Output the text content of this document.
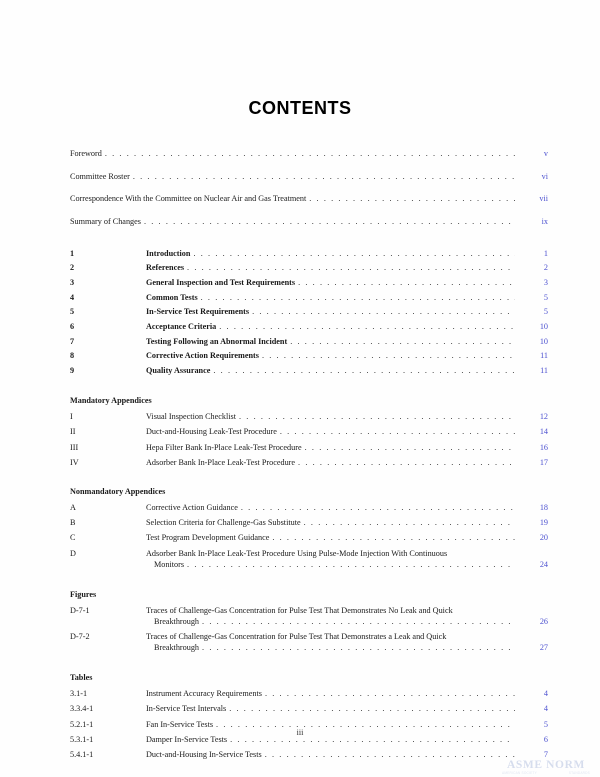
CONTENTS
Foreword . . .	v
Committee Roster . . .	vi
Correspondence With the Committee on Nuclear Air and Gas Treatment . . .	vii
Summary of Changes . . .	ix
1	Introduction . . .	1
2	References . . .	2
3	General Inspection and Test Requirements . . .	3
4	Common Tests . . .	5
5	In-Service Test Requirements . . .	5
6	Acceptance Criteria . . .	10
7	Testing Following an Abnormal Incident . . .	10
8	Corrective Action Requirements . . .	11
9	Quality Assurance . . .	11
Mandatory Appendices
I	Visual Inspection Checklist . . .	12
II	Duct-and-Housing Leak-Test Procedure . . .	14
III	Hepa Filter Bank In-Place Leak-Test Procedure . . .	16
IV	Adsorber Bank In-Place Leak-Test Procedure . . .	17
Nonmandatory Appendices
A	Corrective Action Guidance . . .	18
B	Selection Criteria for Challenge-Gas Substitute . . .	19
C	Test Program Development Guidance . . .	20
D	Adsorber Bank In-Place Leak-Test Procedure Using Pulse-Mode Injection With Continuous
Monitors . . .	24
Figures
D-7-1	Traces of Challenge-Gas Concentration for Pulse Test That Demonstrates No Leak and Quick
Breakthrough . . .	26
D-7-2	Traces of Challenge-Gas Concentration for Pulse Test That Demonstrates a Leak and Quick
Breakthrough . . .	27
Tables
3.1-1	Instrument Accuracy Requirements . . .	4
3.3.4-1	In-Service Test Intervals . . .	4
5.2.1-1	Fan In-Service Tests . . .	5
5.3.1-1	Damper In-Service Tests . . .	6
5.4.1-1	Duct-and-Housing In-Service Tests . . .	7
iii
ASME NORM
AMERICAN SOCIETY	STANDARDS
